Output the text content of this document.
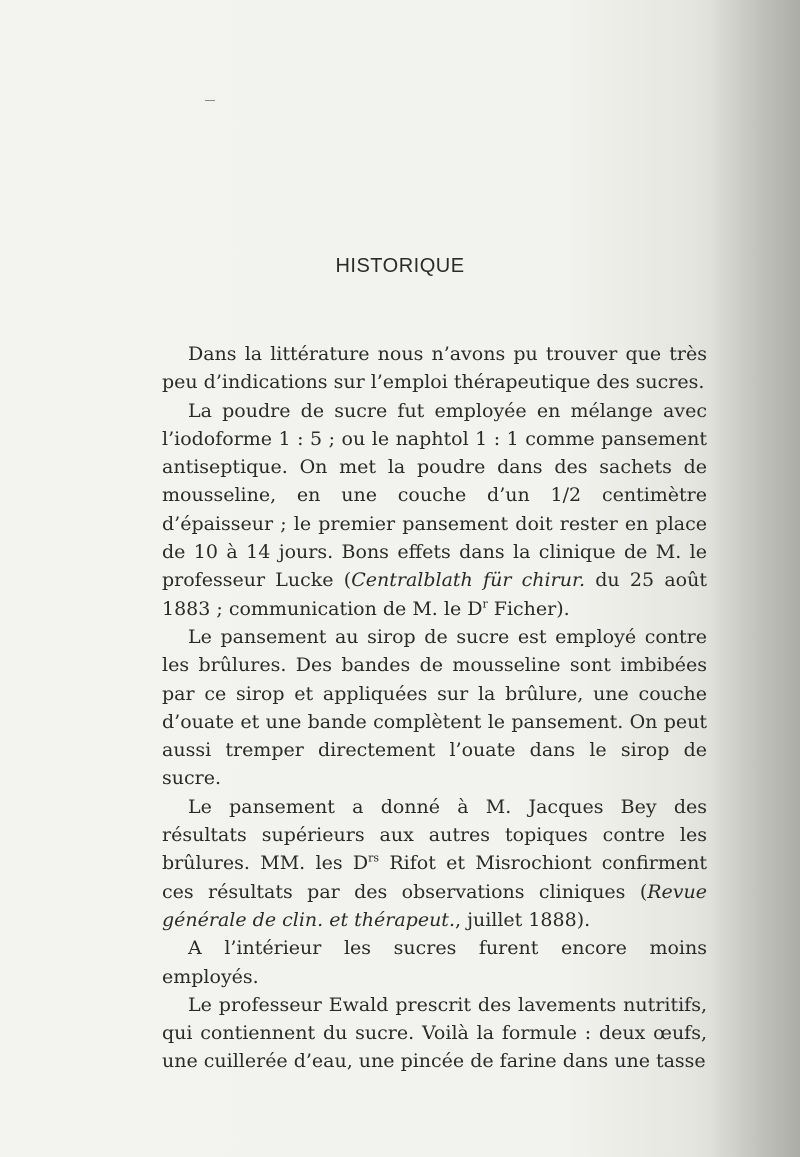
HISTORIQUE

Dans la littérature nous n’avons pu trouver que très peu d’indications sur l’emploi thérapeutique des sucres.

La poudre de sucre fut employée en mélange avec l’iodoforme 1 : 5 ; ou le naphtol 1 : 1 comme pansement antiseptique. On met la poudre dans des sachets de mousseline, en une couche d’un 1/2 centimètre d’épaisseur ; le premier pansement doit rester en place de 10 à 14 jours. Bons effets dans la clinique de M. le professeur Lucke (Centralblath für chirur. du 25 août 1883 ; communication de M. le $D^r$ Ficher).

Le pansement au sirop de sucre est employé contre les brûlures. Des bandes de mousseline sont imbibées par ce sirop et appliquées sur la brûlure, une couche d’ouate et une bande complètent le pansement. On peut aussi tremper directement l’ouate dans le sirop de sucre.

Le pansement a donné à M. Jacques Bey des résultats supérieurs aux autres topiques contre les brûlures. MM. les $D^{rs}$ Rifot et Misrochiont confirment ces résultats par des observations cliniques (Revue générale de clin. et thérapeut., juillet 1888).

A l’intérieur les sucres furent encore moins employés.

Le professeur Ewald prescrit des lavements nutritifs, qui contiennent du sucre. Voilà la formule : deux œufs, une cuillerée d’eau, une pincée de farine dans une tasse
